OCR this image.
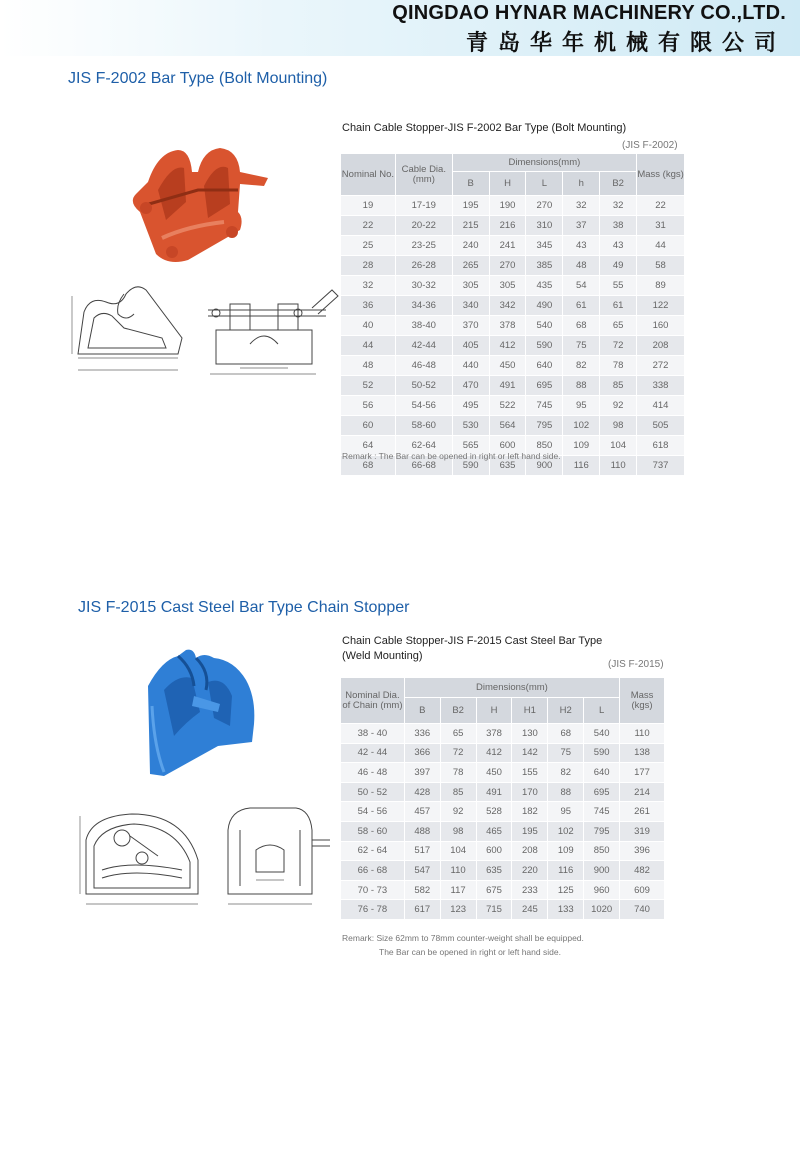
QINGDAO HYNAR MACHINERY CO.,LTD.
青岛华年机械有限公司
JIS F-2002 Bar Type (Bolt Mounting)
Chain Cable Stopper-JIS F-2002 Bar Type (Bolt Mounting)
(JIS F-2002)
Nominal No.	Cable Dia. (mm)	Dimensions(mm)					Mass (kgs)
		B	H	L	h	B2	
19	17-19	195	190	270	32	32	22
22	20-22	215	216	310	37	38	31
25	23-25	240	241	345	43	43	44
28	26-28	265	270	385	48	49	58
32	30-32	305	305	435	54	55	89
36	34-36	340	342	490	61	61	122
40	38-40	370	378	540	68	65	160
44	42-44	405	412	590	75	72	208
48	46-48	440	450	640	82	78	272
52	50-52	470	491	695	88	85	338
56	54-56	495	522	745	95	92	414
60	58-60	530	564	795	102	98	505
64	62-64	565	600	850	109	104	618
68	66-68	590	635	900	116	110	737
Remark : The Bar can be opened in right or left hand side.
JIS F-2015 Cast Steel Bar Type Chain Stopper
Chain Cable Stopper-JIS F-2015 Cast Steel Bar Type
(Weld Mounting)
(JIS F-2015)
Nominal Dia. of Chain (mm)	Dimensions(mm)						Mass (kgs)
	B	B2	H	H1	H2	L	
38 - 40	336	65	378	130	68	540	110
42 - 44	366	72	412	142	75	590	138
46 - 48	397	78	450	155	82	640	177
50 - 52	428	85	491	170	88	695	214
54 - 56	457	92	528	182	95	745	261
58 - 60	488	98	465	195	102	795	319
62 - 64	517	104	600	208	109	850	396
66 - 68	547	110	635	220	116	900	482
70 - 73	582	117	675	233	125	960	609
76 - 78	617	123	715	245	133	1020	740
Remark: Size 62mm to 78mm counter-weight shall be equipped.
The Bar can be opened in right or left hand side.
